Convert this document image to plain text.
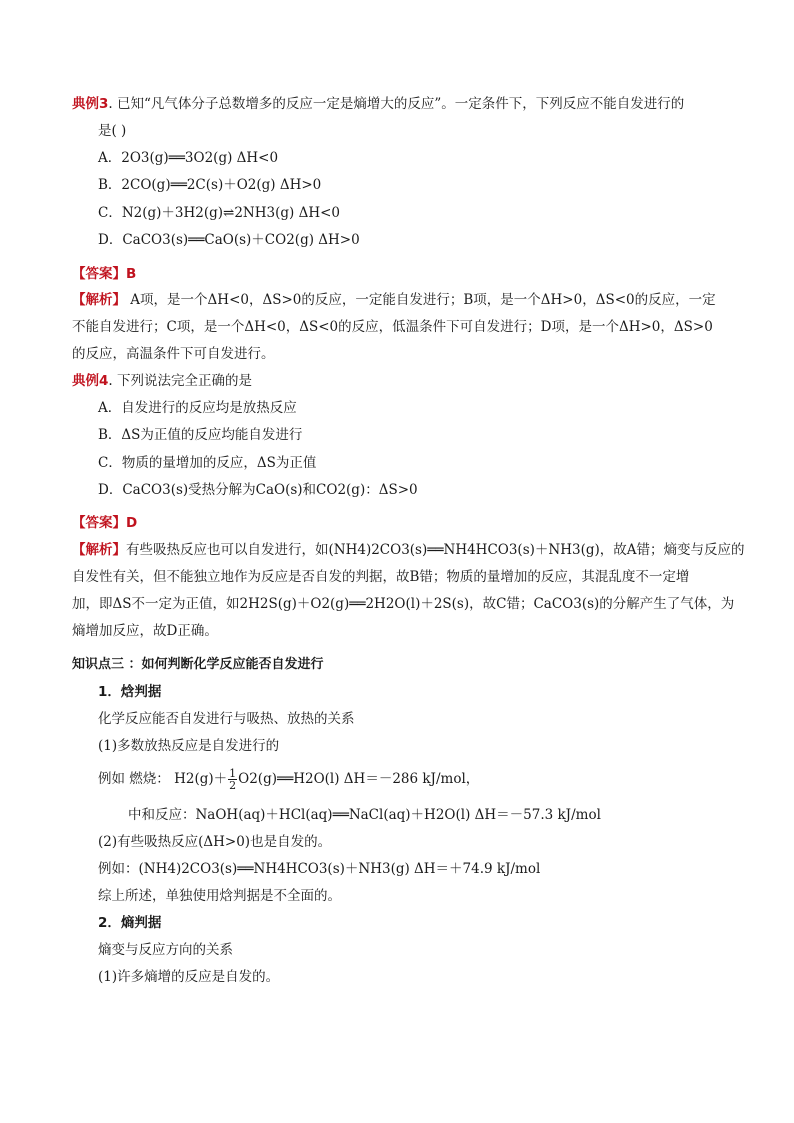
典例3. 已知“凡气体分子总数增多的反应一定是熵增大的反应”。一定条件下，下列反应不能自发进行的
是( )
A．2O3(g)══3O2(g) ΔH<0
B．2CO(g)══2C(s)＋O2(g) ΔH>0
C．N2(g)＋3H2(g)⇌2NH3(g) ΔH<0
D．CaCO3(s)══CaO(s)＋CO2(g) ΔH>0
【答案】B
【解析】 A项，是一个ΔH<0，ΔS>0的反应，一定能自发进行；B项，是一个ΔH>0，ΔS<0的反应，一定
不能自发进行；C项，是一个ΔH<0，ΔS<0的反应，低温条件下可自发进行；D项，是一个ΔH>0，ΔS>0
的反应，高温条件下可自发进行。
典例4. 下列说法完全正确的是
A．自发进行的反应均是放热反应
B．ΔS为正值的反应均能自发进行
C．物质的量增加的反应，ΔS为正值
D．CaCO3(s)受热分解为CaO(s)和CO2(g)：ΔS>0
【答案】D
【解析】有些吸热反应也可以自发进行，如(NH4)2CO3(s)══NH4HCO3(s)＋NH3(g)，故A错；熵变与反应的
自发性有关，但不能独立地作为反应是否自发的判据，故B错；物质的量增加的反应，其混乱度不一定增
加，即ΔS不一定为正值，如2H2S(g)＋O2(g)══2H2O(l)＋2S(s)，故C错；CaCO3(s)的分解产生了气体，为
熵增加反应，故D正确。
知识点三 ：如何判断化学反应能否自发进行
1．焓判据
化学反应能否自发进行与吸热、放热的关系
(1)多数放热反应是自发进行的
例如 燃烧： $H2(g)+ \frac{1}{2}$ O2(g)══H2O(l) ΔH＝－286 kJ/mol，
中和反应：NaOH(aq)＋HCl(aq)══NaCl(aq)＋H2O(l) ΔH＝－57.3 kJ/mol
(2)有些吸热反应(ΔH>0)也是自发的。
例如：(NH4)2CO3(s)══NH4HCO3(s)＋NH3(g) ΔH＝＋74.9 kJ/mol
综上所述，单独使用焓判据是不全面的。
2．熵判据
熵变与反应方向的关系
(1)许多熵增的反应是自发的。
